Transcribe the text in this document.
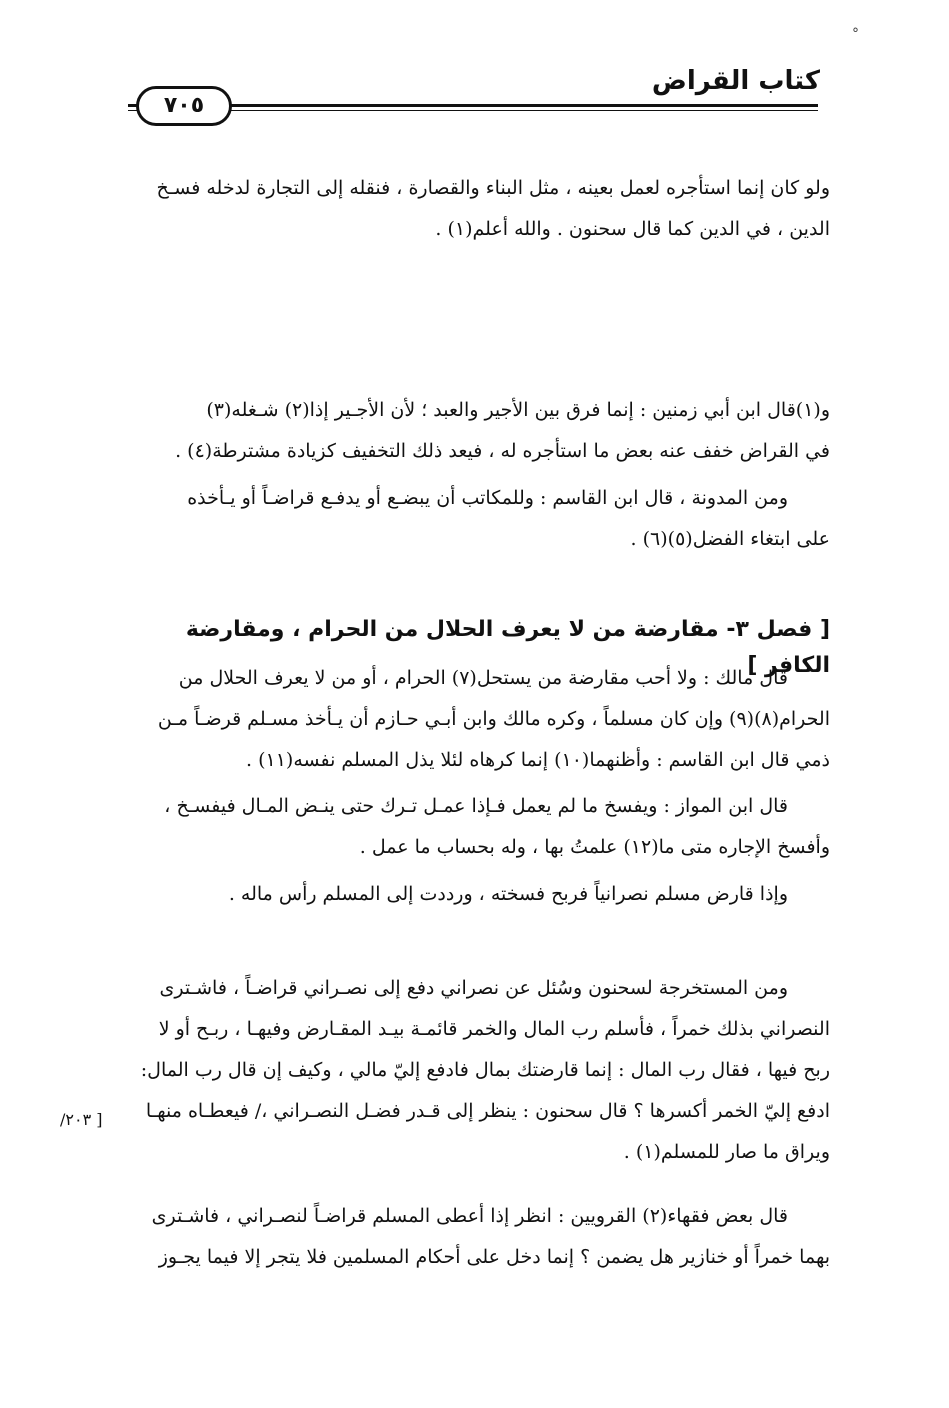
°
كتاب القراض
٧٠٥
ولو كان إنما استأجره لعمل بعينه ، مثل البناء والقصارة ، فنقله إلى التجارة لدخله فسـخ
الدين ، في الدين كما قال سحنون . والله أعلم(١) .
و(١)قال ابن أبي زمنين : إنما فرق بين الأجير والعبد ؛ لأن الأجـير إذا(٢) شـغله(٣)
في القراض خفف عنه بعض ما استأجره له ، فيعد ذلك التخفيف كزيادة مشترطة(٤) .
ومن المدونة ، قال ابن القاسم : وللمكاتب أن يبضـع أو يدفـع قراضـاً أو يـأخذه
على ابتغاء الفضل(٥)(٦) .
[ فصل ٣- مقارضة من لا يعرف الحلال من الحرام ، ومقارضة الكافر ]
قال مالك : ولا أحب مقارضة من يستحل(٧) الحرام ، أو من لا يعرف الحلال من
الحرام(٨)(٩) وإن كان مسلماً ، وكره مالك وابن أبـي حـازم أن يـأخذ مسـلم قرضـاً مـن
ذمي قال ابن القاسم : وأظنهما(١٠) إنما كرهاه لئلا يذل المسلم نفسه(١١) .
قال ابن المواز : ويفسخ ما لم يعمل فـإذا عمـل تـرك حتى ينـض المـال فيفسـخ ،
وأفسخ الإجاره متى ما(١٢) علمتُ بها ، وله بحساب ما عمل .
وإذا قارض مسلم نصرانياً فربح فسخته ، ورددت إلى المسلم رأس ماله .
ومن المستخرجة لسحنون وسُئل عن نصراني دفع إلى نصـراني قراضـاً ، فاشـترى
النصراني بذلك خمراً ، فأسلم رب المال والخمر قائمـة بيـد المقـارض وفيهـا ، ربـح أو لا
ربح فيها ، فقال رب المال : إنما قارضتك بمال فادفع إليّ مالي ، وكيف إن قال رب المال:
ادفع إليّ الخمر أكسرها ؟ قال سحنون : ينظر إلى قـدر فضـل النصـراني ،/ فيعطـاه منهـا
ويراق ما صار للمسلم(١) .
[ ٢٠٣/
قال بعض فقهاء(٢) القرويين : انظر إذا أعطى المسلم قراضـاً لنصـراني ، فاشـترى
بهما خمراً أو خنازير هل يضمن ؟ إنما دخل على أحكام المسلمين فلا يتجر إلا فيما يجـوز
